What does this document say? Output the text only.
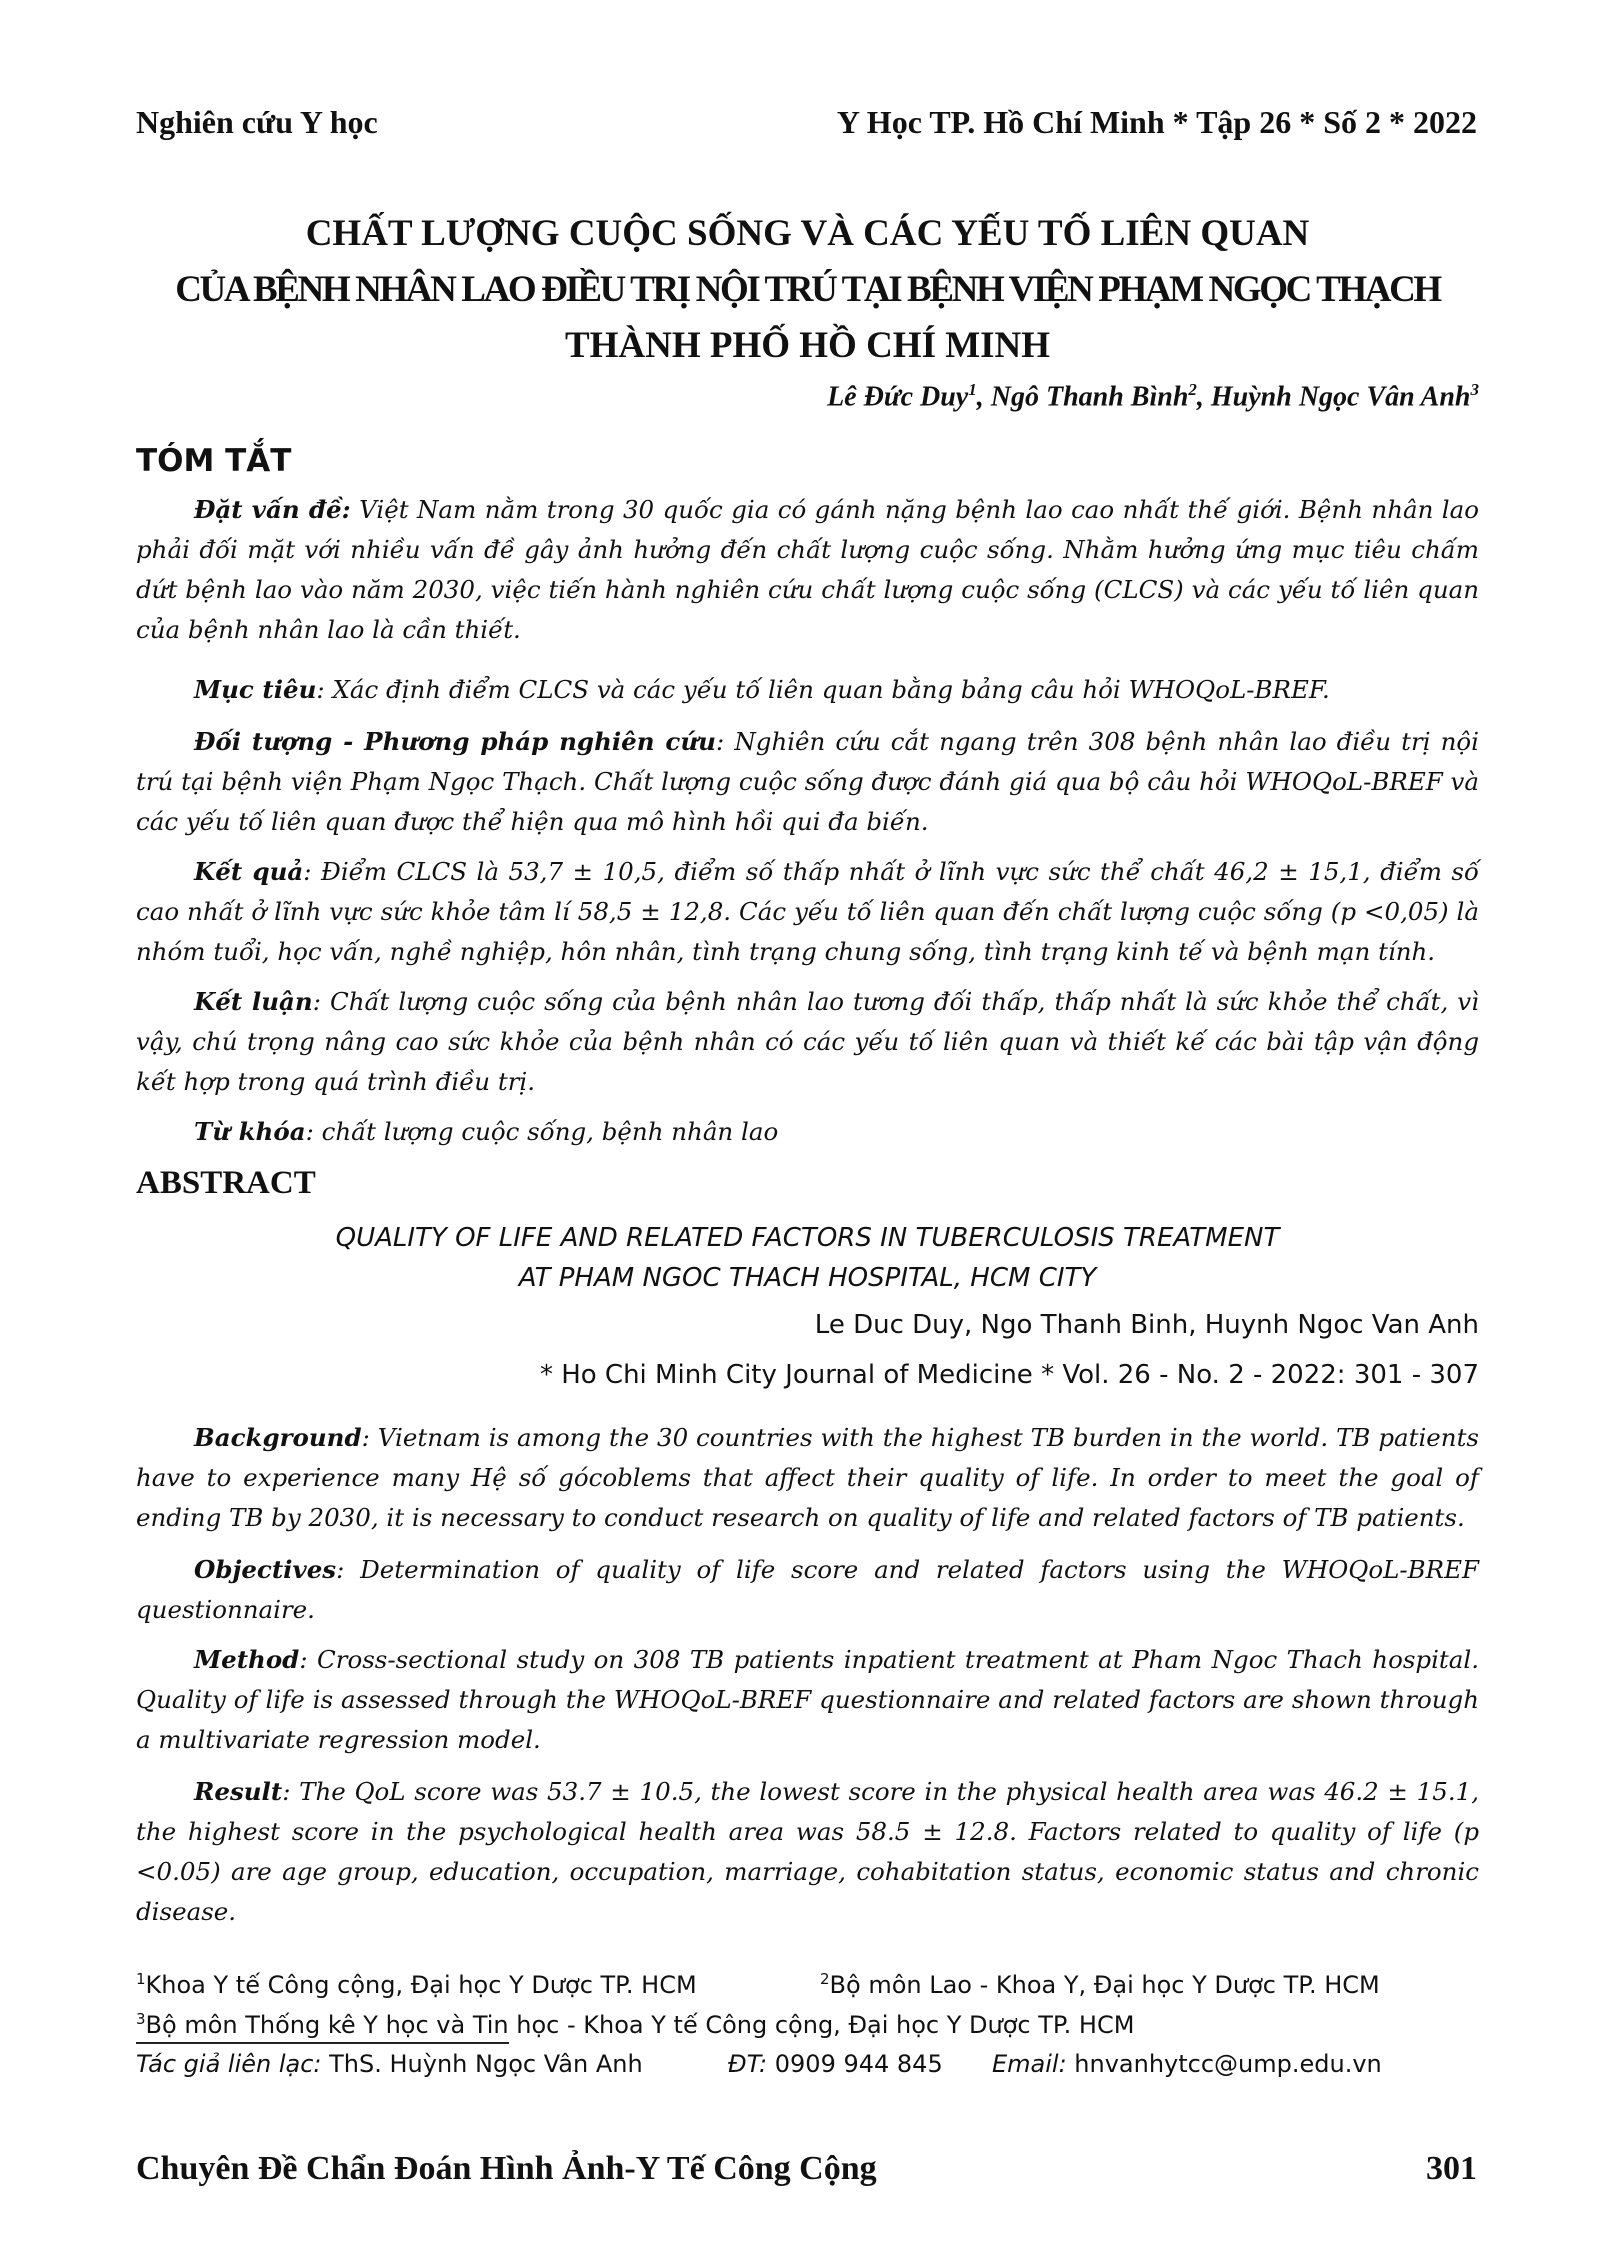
Nghiên cứu Y học	Y Học TP. Hồ Chí Minh * Tập 26 * Số 2 * 2022
CHẤT LƯỢNG CUỘC SỐNG VÀ CÁC YẾU TỐ LIÊN QUAN
CỦA BỆNH NHÂN LAO ĐIỀU TRỊ NỘI TRÚ TẠI BỆNH VIỆN PHẠM NGỌC THẠCH
THÀNH PHỐ HỒ CHÍ MINH
Lê Đức Duy$^1$, Ngô Thanh Bình$^2$, Huỳnh Ngọc Vân Anh$^3$
TÓM TẮT

Đặt vấn đề: Việt Nam nằm trong 30 quốc gia có gánh nặng bệnh lao cao nhất thế giới. Bệnh nhân lao phải đối mặt với nhiều vấn đề gây ảnh hưởng đến chất lượng cuộc sống. Nhằm hưởng ứng mục tiêu chấm dứt bệnh lao vào năm 2030, việc tiến hành nghiên cứu chất lượng cuộc sống (CLCS) và các yếu tố liên quan của bệnh nhân lao là cần thiết.

Mục tiêu: Xác định điểm CLCS và các yếu tố liên quan bằng bảng câu hỏi WHOQoL-BREF.

Đối tượng - Phương pháp nghiên cứu: Nghiên cứu cắt ngang trên 308 bệnh nhân lao điều trị nội trú tại bệnh viện Phạm Ngọc Thạch. Chất lượng cuộc sống được đánh giá qua bộ câu hỏi WHOQoL-BREF và các yếu tố liên quan được thể hiện qua mô hình hồi qui đa biến.

Kết quả: Điểm CLCS là 53,7 ± 10,5, điểm số thấp nhất ở lĩnh vực sức thể chất 46,2 ± 15,1, điểm số cao nhất ở lĩnh vực sức khỏe tâm lí 58,5 ± 12,8. Các yếu tố liên quan đến chất lượng cuộc sống (p <0,05) là nhóm tuổi, học vấn, nghề nghiệp, hôn nhân, tình trạng chung sống, tình trạng kinh tế và bệnh mạn tính.

Kết luận: Chất lượng cuộc sống của bệnh nhân lao tương đối thấp, thấp nhất là sức khỏe thể chất, vì vậy, chú trọng nâng cao sức khỏe của bệnh nhân có các yếu tố liên quan và thiết kế các bài tập vận động kết hợp trong quá trình điều trị.

Từ khóa: chất lượng cuộc sống, bệnh nhân lao

ABSTRACT
QUALITY OF LIFE AND RELATED FACTORS IN TUBERCULOSIS TREATMENT
AT PHAM NGOC THACH HOSPITAL, HCM CITY
Le Duc Duy, Ngo Thanh Binh, Huynh Ngoc Van Anh
* Ho Chi Minh City Journal of Medicine * Vol. 26 - No. 2 - 2022: 301 - 307

Background: Vietnam is among the 30 countries with the highest TB burden in the world. TB patients have to experience many Hệ số gócoblems that affect their quality of life. In order to meet the goal of ending TB by 2030, it is necessary to conduct research on quality of life and related factors of TB patients.

Objectives: Determination of quality of life score and related factors using the WHOQoL-BREF questionnaire.

Method: Cross-sectional study on 308 TB patients inpatient treatment at Pham Ngoc Thach hospital. Quality of life is assessed through the WHOQoL-BREF questionnaire and related factors are shown through a multivariate regression model.

Result: The QoL score was 53.7 ± 10.5, the lowest score in the physical health area was 46.2 ± 15.1, the highest score in the psychological health area was 58.5 ± 12.8. Factors related to quality of life (p <0.05) are age group, education, occupation, marriage, cohabitation status, economic status and chronic disease.

$^1$Khoa Y tế Công cộng, Đại học Y Dược TP. HCM	$^2$Bộ môn Lao - Khoa Y, Đại học Y Dược TP. HCM
$^3$Bộ môn Thống kê Y học và Tin học - Khoa Y tế Công cộng, Đại học Y Dược TP. HCM
Tác giả liên lạc: ThS. Huỳnh Ngọc Vân Anh	ĐT: 0909 944 845 Email: hnvanhytcc@ump.edu.vn
Chuyên Đề Chẩn Đoán Hình Ảnh-Y Tế Công Cộng	301
